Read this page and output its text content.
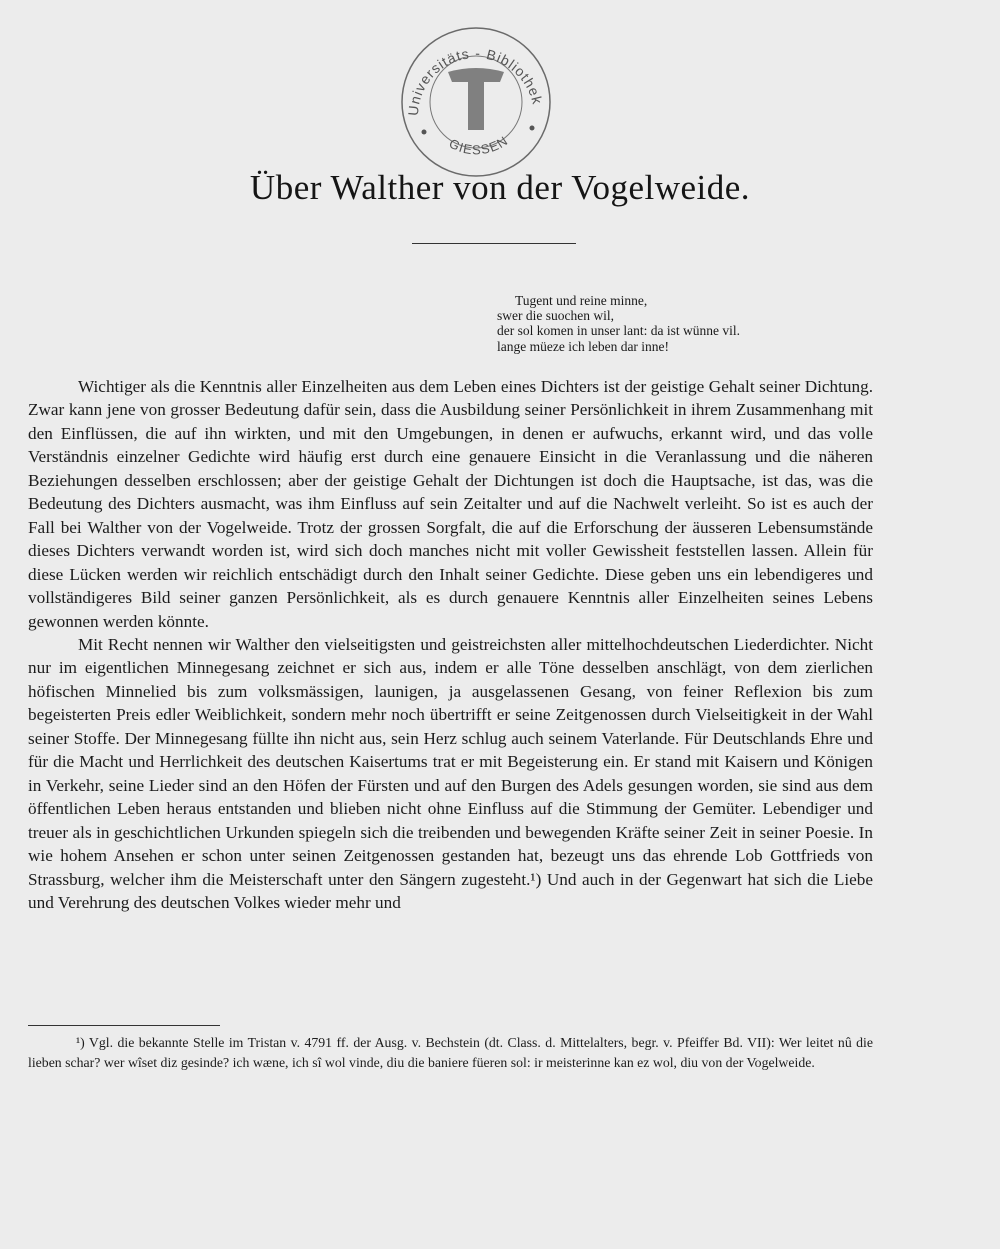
Universitäts - Bibliothek
GIESSEN
Über Walther von der Vogelweide.
Tugent und reine minne,
swer die suochen wil,
der sol komen in unser lant: da ist wünne vil.
lange müeze ich leben dar inne!

Wichtiger als die Kenntnis aller Einzelheiten aus dem Leben eines Dichters ist der geistige Gehalt seiner Dichtung. Zwar kann jene von grosser Bedeutung dafür sein, dass die Ausbildung seiner Persönlichkeit in ihrem Zusammenhang mit den Einflüssen, die auf ihn wirkten, und mit den Umgebungen, in denen er aufwuchs, erkannt wird, und das volle Verständnis einzelner Gedichte wird häufig erst durch eine genauere Einsicht in die Veranlassung und die näheren Beziehungen desselben erschlossen; aber der geistige Gehalt der Dichtungen ist doch die Hauptsache, ist das, was die Bedeutung des Dichters ausmacht, was ihm Einfluss auf sein Zeitalter und auf die Nachwelt verleiht. So ist es auch der Fall bei Walther von der Vogelweide. Trotz der grossen Sorgfalt, die auf die Erforschung der äusseren Lebensumstände dieses Dichters verwandt worden ist, wird sich doch manches nicht mit voller Gewissheit feststellen lassen. Allein für diese Lücken werden wir reichlich entschädigt durch den Inhalt seiner Gedichte. Diese geben uns ein lebendigeres und vollständigeres Bild seiner ganzen Persönlichkeit, als es durch genauere Kenntnis aller Einzelheiten seines Lebens gewonnen werden könnte.

Mit Recht nennen wir Walther den vielseitigsten und geistreichsten aller mittelhochdeutschen Liederdichter. Nicht nur im eigentlichen Minnegesang zeichnet er sich aus, indem er alle Töne desselben anschlägt, von dem zierlichen höfischen Minnelied bis zum volksmässigen, launigen, ja ausgelassenen Gesang, von feiner Reflexion bis zum begeisterten Preis edler Weiblichkeit, sondern mehr noch übertrifft er seine Zeitgenossen durch Vielseitigkeit in der Wahl seiner Stoffe. Der Minnegesang füllte ihn nicht aus, sein Herz schlug auch seinem Vaterlande. Für Deutschlands Ehre und für die Macht und Herrlichkeit des deutschen Kaisertums trat er mit Begeisterung ein. Er stand mit Kaisern und Königen in Verkehr, seine Lieder sind an den Höfen der Fürsten und auf den Burgen des Adels gesungen worden, sie sind aus dem öffentlichen Leben heraus entstanden und blieben nicht ohne Einfluss auf die Stimmung der Gemüter. Lebendiger und treuer als in geschichtlichen Urkunden spiegeln sich die treibenden und bewegenden Kräfte seiner Zeit in seiner Poesie. In wie hohem Ansehen er schon unter seinen Zeitgenossen gestanden hat, bezeugt uns das ehrende Lob Gottfrieds von Strassburg, welcher ihm die Meisterschaft unter den Sängern zugesteht.¹) Und auch in der Gegenwart hat sich die Liebe und Verehrung des deutschen Volkes wieder mehr und

¹) Vgl. die bekannte Stelle im Tristan v. 4791 ff. der Ausg. v. Bechstein (dt. Class. d. Mittelalters, begr. v. Pfeiffer Bd. VII): Wer leitet nû die lieben schar? wer wîset diz gesinde? ich wæne, ich sî wol vinde, diu die baniere füeren sol: ir meisterinne kan ez wol, diu von der Vogelweide.
